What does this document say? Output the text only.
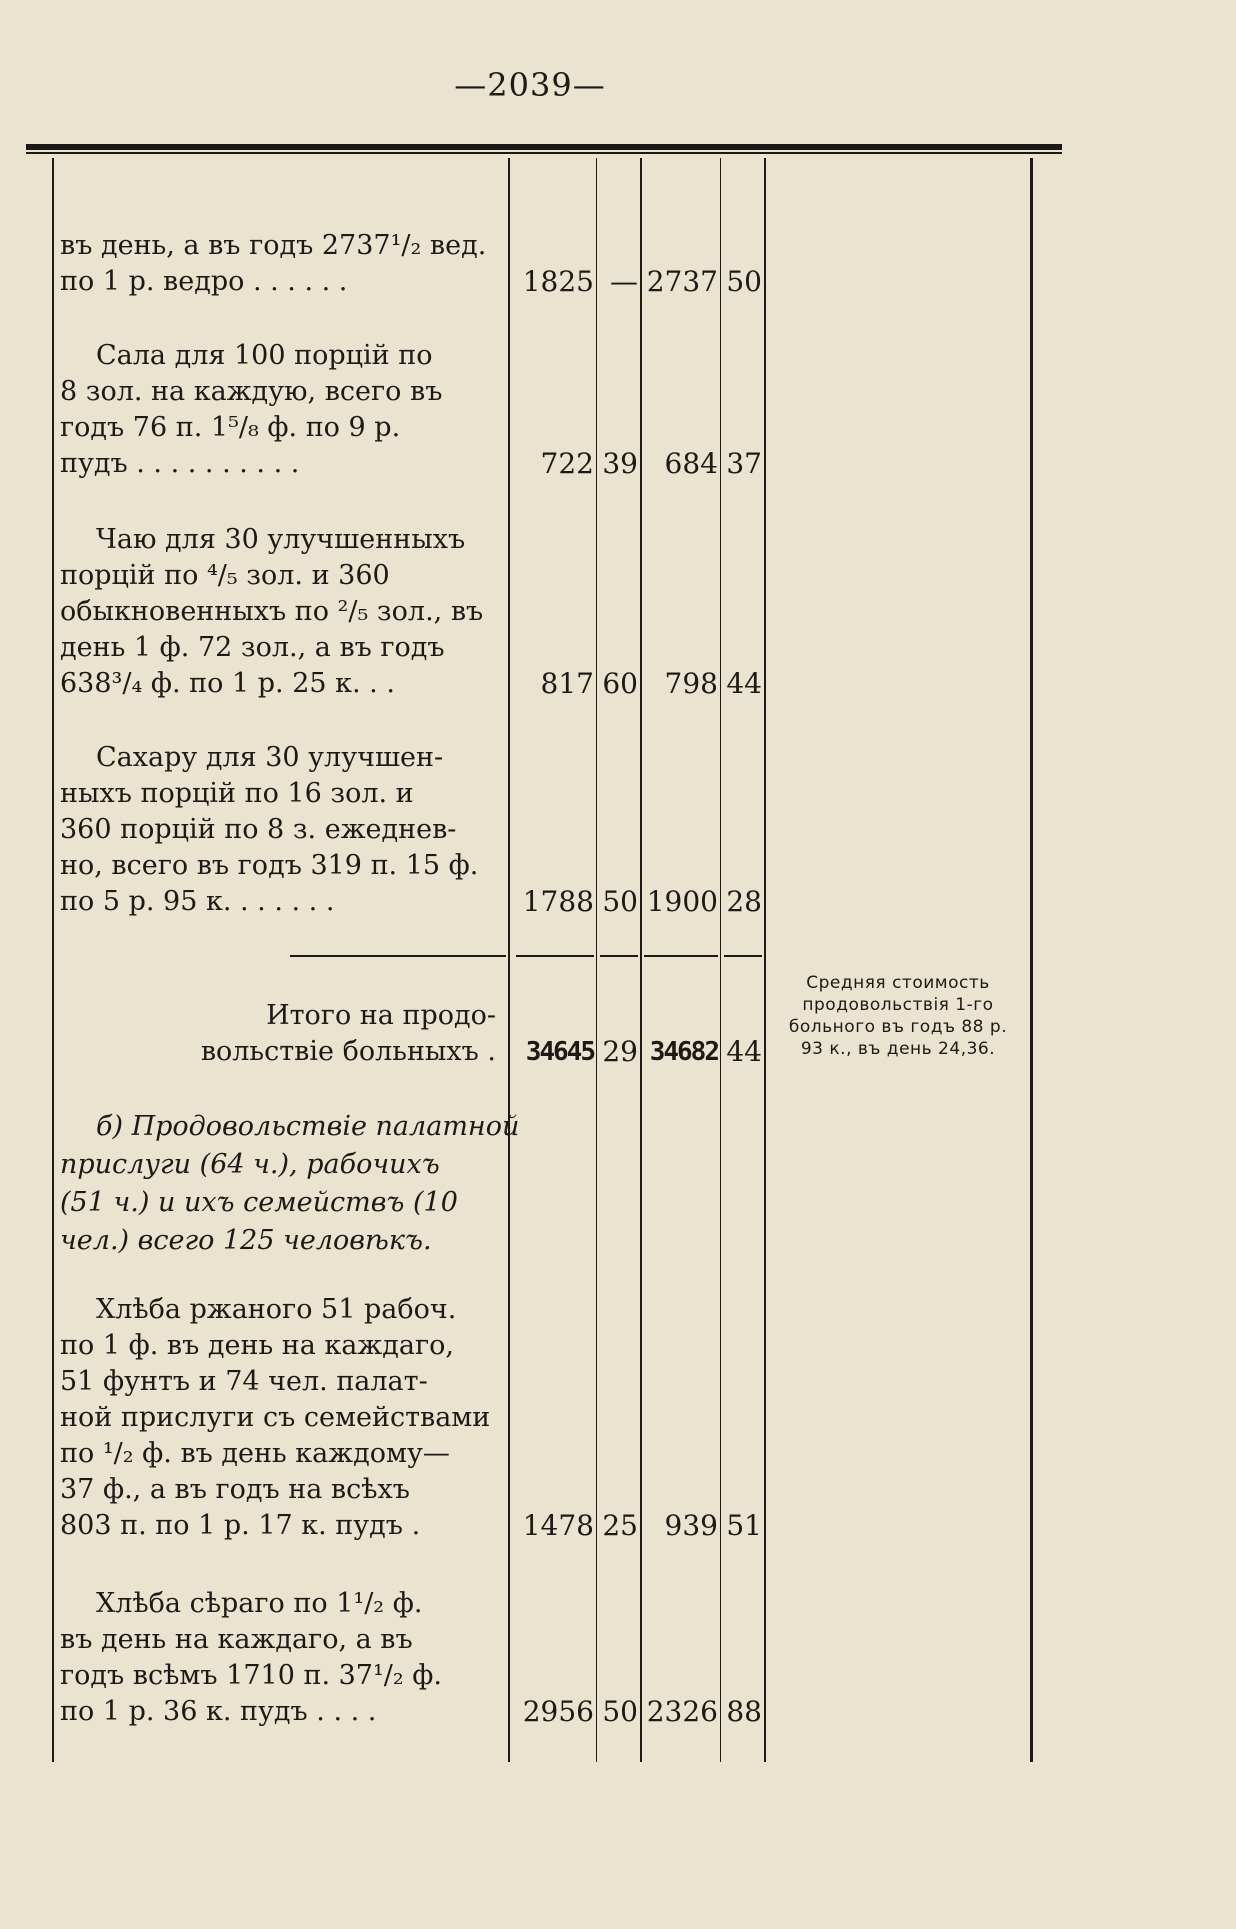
—2039—
въ день, а въ годъ 2737¹/₂ вед.
по 1 р. ведро . . . . . .	1825 — 2737 50
Сала для 100 порцій по
8 зол. на каждую, всего въ
годъ 76 п. 1⁵/₈ ф. по 9 р.
пудъ . . . . . . . . . .	722 39 684 37
Чаю для 30 улучшенныхъ
порцій по ⁴/₅ зол. и 360
обыкновенныхъ по ²/₅ зол., въ
день 1 ф. 72 зол., а въ годъ
638³/₄ ф. по 1 р. 25 к. . .	817 60 798 44
Сахару для 30 улучшен-
ныхъ порцій по 16 зол. и
360 порцій по 8 з. ежеднев-
но, всего въ годъ 319 п. 15 ф.
по 5 р. 95 к. . . . . . .	1788 50 1900 28
Итого на продо-
вольствіе больныхъ .	34645 29 34682 44
Средняя стоимость
продовольствія 1-го
больного въ годъ 88 р.
93 к., въ день 24,36.
б) Продовольствіе палатной
прислуги (64 ч.), рабочихъ
(51 ч.) и ихъ семействъ (10
чел.) всего 125 человѣкъ.
Хлѣба ржаного 51 рабоч.
по 1 ф. въ день на каждаго,
51 фунтъ и 74 чел. палат-
ной прислуги съ семействами
по ¹/₂ ф. въ день каждому—
37 ф., а въ годъ на всѣхъ
803 п. по 1 р. 17 к. пудъ .	1478 25 939 51
Хлѣба сѣраго по 1¹/₂ ф.
въ день на каждаго, а въ
годъ всѣмъ 1710 п. 37¹/₂ ф.
по 1 р. 36 к. пудъ . . . .	2956 50 2326 88
